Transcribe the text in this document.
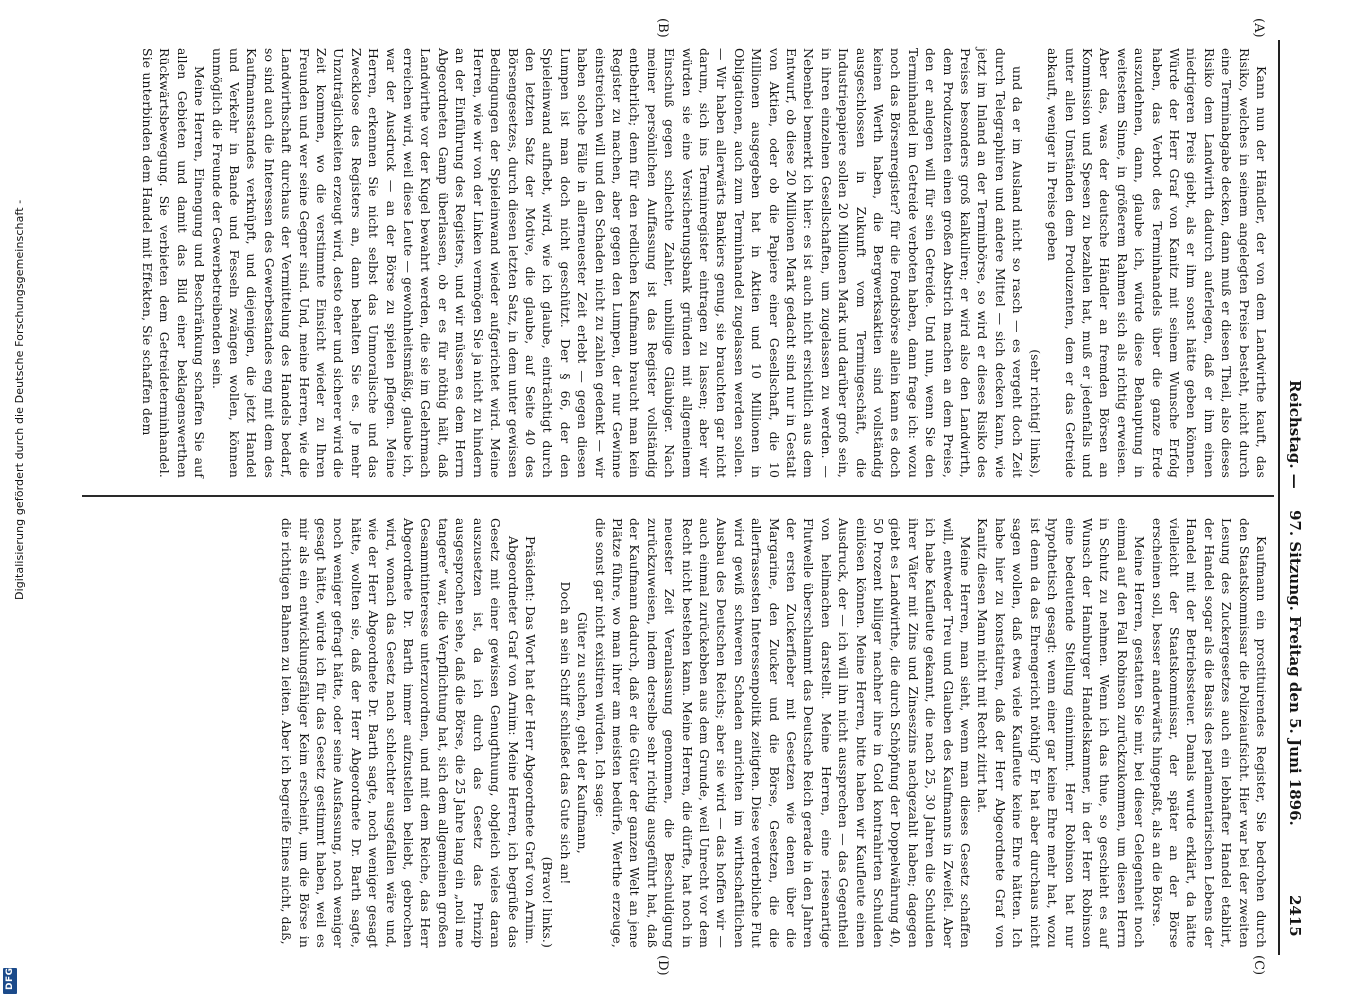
Digitalisierung gefördert durch die Deutsche Forschungsgemeinschaft -
DFG
Reichstag. —
97. Sitzung. Freitag den 5. Juni 1896.
2415
(A)
(B)
(C)
(D)

Kann nun der Händler, der von dem Landwirthe kauft, das Risiko, welches in seinem angelegten Preise besteht, nicht durch eine Terminabgabe decken, dann muß er diesen Theil, also dieses Risiko dem Landwirth dadurch auferlegen, daß er ihm einen niedrigeren Preis giebt, als er ihm sonst hätte geben können. Würde der Herr Graf von Kanitz mit seinem Wunsche Erfolg haben, das Verbot des Terminhandels über die ganze Erde auszudehnen, dann, glaube ich, würde diese Behauptung in weitestem Sinne, in größerem Rahmen sich als richtig erweisen. Aber das, was der deutsche Händler an fremden Börsen an Kommission und Spesen zu bezahlen hat, muß er jedenfalls und unter allen Umständen dem Produzenten, dem er das Getreide abkauft, weniger in Preise geben

(sehr richtig! links),

und da er im Ausland nicht so rasch — es vergeht doch Zeit durch Telegraphiren und andere Mittel — sich decken kann, wie jetzt im Inland an der Terminbörse, so wird er dieses Risiko des Preises besonders groß kalkuliren; er wird also den Landwirth, dem Produzenten einen großen Abstrich machen an dem Preise, den er anlegen will für sein Getreide. Und nun, wenn Sie den Terminhandel im Getreide verboten haben, dann frage ich: wozu noch das Börsenregister? für die Fondsbörse allein kann es doch keinen Werth haben, die Bergwerksaktien sind vollständig ausgeschlossen in Zukunft vom Termingeschäft, die Industriepapiere sollen 20 Millionen Mark und darüber groß sein, in ihren einzelnen Gesellschaften, um zugelassen zu werden. — Nebenbei bemerkt ich hier: es ist auch nicht ersichtlich aus dem Entwurf, ob diese 20 Millionen Mark gedacht sind nur in Gestalt von Aktien, oder ob die Papiere einer Gesellschaft, die 10 Millionen ausgegeben hat in Aktien und 10 Millionen in Obligationen, auch zum Terminhandel zugelassen werden sollen. — Wir haben allerwärts Bankiers genug, sie brauchten gar nicht darum, sich ins Terminregister eintragen zu lassen; aber wir würden sie eine Versicherungsbank gründen mit allgemeinem Einschuß gegen schlechte Zahler, unbillige Gläubiger. Nach meiner persönlichen Auffassung ist das Register vollständig entbehrlich; denn für den redlichen Kaufmann braucht man kein Register zu machen, aber gegen den Lumpen, der nur Gewinne einstreichen will und den Schaden nicht zu zahlen gedenkt — wir haben solche Fälle in allerneuester Zeit erlebt — gegen diesen Lumpen ist man doch nicht geschützt. Der § 66, der den Spieleinwand aufhebt, wird, wie ich glaube, einträchtigt durch den letzten Satz der Motive, die glaube, auf Seite 40 des Börsengesetzes, durch diesen letzten Satz, in dem unter gewissen Bedingungen der Spieleinwand wieder aufgerichtet wird. Meine Herren, wie wir von der Linken vermögen Sie ja nicht zu hindern an der Einführung des Registers, und wir müssen es dem Herrn Abgeordneten Gamp überlassen, ob er es für nöthig hält, daß Landwirthe vor der Kugel bewahrt werden, die sie im Gelehrmach erreichen wird, weil diese Leute — gewohnheitsmäßig, glaube ich, war der Ausdruck — an der Börse zu spielen pflegen. Meine Herren, erkennen Sie nicht selbst das Unmoralische und das Zwecklose des Registers an, dann behalten Sie es. Je mehr Unzuträglichkeiten erzeugt wird, desto eher und sicherer wird die Zeit kommen, wo die verstimmte Einsicht wieder zu Ihren Freunden und wer seine Gegner sind. Und, meine Herren, wie die Landwirthschaft durchaus der Vermittelung des Handels bedarf, so sind auch die Interessen des Gewerbestandes eng mit dem des Kaufmannsstandes verknüpft, und diejenigen, die jetzt Handel und Verkehr in Bande und Fesseln zwängen wollen, können unmöglich die Freunde der Gewerbetreibenden sein.

Meine Herren, Einengung und Beschränkung schaffen Sie auf allen Gebieten und damit das Bild einer beklagenswerthen Rückwärtsbewegung. Sie verbieten dem Getreideterminhandel. Sie unterbinden dem Handel mit Effekten, Sie schaffen dem

Kaufmann ein prostituirendes Register, Sie bedrohen durch den Staatskommissar die Polizeiaufsicht. Hier war bei der zweiten Lesung des Zuckergesetzes auch ein lebhafter Handel etablirt, der Handel sogar als die Basis des parlamentarischen Lebens der Handel mit der Betriebssteuer. Damals wurde erklärt, da hätte vielleicht der Staatskommissar, der später an der Börse erscheinen soll, besser anderwärts hingepaßt, als an die Börse.

Meine Herren, gestatten Sie mir, bei dieser Gelegenheit noch einmal auf den Fall Robinson zurückzukommen, um diesen Herrn in Schutz zu nehmen. Wenn ich das thue, so geschieht es auf Wunsch der Hamburger Handelskammer, in der Herr Robinson eine bedeutende Stellung einnimmt. Herr Robinson hat nur hypothetisch gesagt: wenn einer gar keine Ehre mehr hat, wozu ist denn da das Ehrengericht nöthig? Er hat aber durchaus nicht sagen wollen, daß etwa viele Kaufleute keine Ehre hätten. Ich habe hier zu konstatiren, daß der Herr Abgeordnete Graf von Kanitz diesen Mann nicht mit Recht zitirt hat.

Meine Herren, man sieht, wenn man dieses Gesetz schaffen will, entweder Treu und Glauben des Kaufmanns in Zweifel. Aber ich habe Kaufleute gekannt, die nach 25, 30 Jahren die Schulden ihrer Väter mit Zins und Zinseszins nachgezahlt haben; dagegen giebt es Landwirthe, die durch Schöpfung der Doppelwährung 40, 50 Prozent billiger nachher ihre in Gold kontrahirten Schulden einlösen können. Meine Herren, bitte haben wir Kaufleute einen Ausdruck, der — ich will ihn nicht aussprechen — das Gegentheil von heilmachen darstellt. Meine Herren, eine riesenartige Flutwelle überschlammt das Deutsche Reich gerade in den Jahren der ersten Zuckerfieber mit Gesetzen wie denen über die Margarine, den Zucker und die Börse, Gesetzen, die die allerfrassesten Interessenpolitik zeitigten. Diese verderbliche Flut wird gewiß schweren Schaden anrichten im wirthschaftlichen Ausbau des Deutschen Reichs; aber sie wird — das hoffen wir — auch einmal zurückebben aus dem Grunde, weil Unrecht vor dem Recht nicht bestehen kann. Meine Herren, die dürfte, hat noch in neuester Zeit Veranlassung genommen, die Beschuldigung zurückzuweisen, indem derselbe sehr richtig ausgeführt hat, daß der Kaufmann dadurch, daß er die Güter der ganzen Welt an jene Plätze führe, wo man ihrer am meisten bedürfe, Werthe erzeuge, die sonst gar nicht existiren würden. Ich sage:

Güter zu suchen, geht der Kaufmann,
Doch an sein Schiff schließet das Gute sich an!

(Bravo! links.)

Präsident: Das Wort hat der Herr Abgeordnete Graf von Arnim.

Abgeordneter Graf von Arnim: Meine Herren, ich begrüße das Gesetz mit einer gewissen Genugthuung, obgleich vieles daran auszusetzen ist, da ich durch das Gesetz das Prinzip ausgesprochen sehe, daß die Börse, die 25 Jahre lang ein „noli me tangere“ war, die Verpflichtung hat, sich dem allgemeinen großen Gesammtinteresse unterzuordnen, und mit dem Reiche, das Herr Abgeordnete Dr. Barth immer aufzustellen beliebt, gebrochen wird, wonach das Gesetz nach schlechter ausgefallen wäre und, wie der Herr Abgeordnete Dr. Barth sagte, noch weniger gesagt hätte, wollten sie, daß der Herr Abgeordnete Dr. Barth sagte, noch weniger gefragt hätte, oder seine Ausfassung, noch weniger gesagt hätte, würde ich für das Gesetz gestimmt haben, weil es mir als ein entwicklungsfähiger Keim erscheint, um die Börse in die richtigen Bahnen zu leiten. Aber ich begreife Eines nicht, daß,
